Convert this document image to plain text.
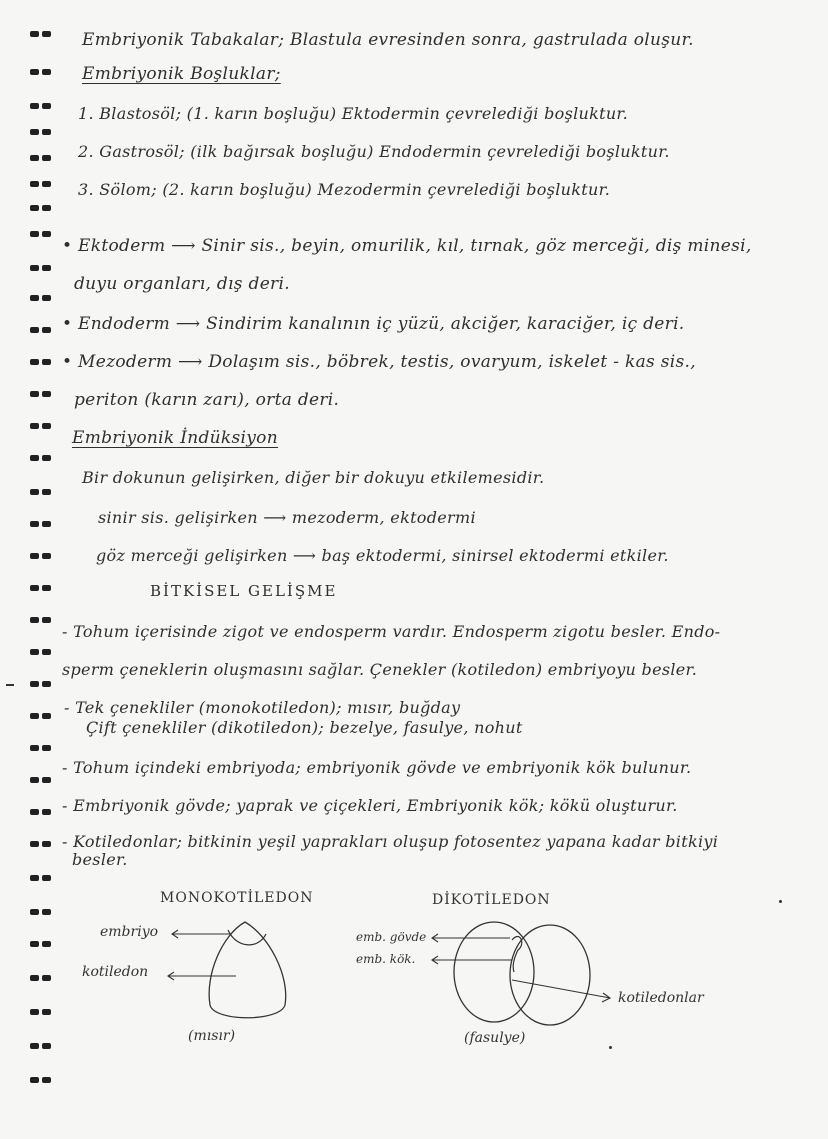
Embriyonik Tabakalar; Blastula evresinden sonra, gastrulada oluşur.
Embriyonik Boşluklar;
1. Blastosöl; (1. karın boşluğu) Ektodermin çevrelediği boşluktur.
2. Gastrosöl; (ilk bağırsak boşluğu) Endodermin çevrelediği boşluktur.
3. Sölom; (2. karın boşluğu) Mezodermin çevrelediği boşluktur.
• Ektoderm ⟶ Sinir sis., beyin, omurilik, kıl, tırnak, göz merceği, diş minesi,
duyu organları, dış deri.
• Endoderm ⟶ Sindirim kanalının iç yüzü, akciğer, karaciğer, iç deri.
• Mezoderm ⟶ Dolaşım sis., böbrek, testis, ovaryum, iskelet - kas sis.,
periton (karın zarı), orta deri.
Embriyonik İndüksiyon
Bir dokunun gelişirken, diğer bir dokuyu etkilemesidir.
sinir sis. gelişirken ⟶ mezoderm, ektodermi
göz merceği gelişirken ⟶ baş ektodermi, sinirsel ektodermi etkiler.
BİTKİSEL GELİŞME
- Tohum içerisinde zigot ve endosperm vardır. Endosperm zigotu besler. Endo-
sperm çeneklerin oluşmasını sağlar. Çenekler (kotiledon) embriyoyu besler.
- Tek çenekliler (monokotiledon); mısır, buğday
Çift çenekliler (dikotiledon); bezelye, fasulye, nohut
- Tohum içindeki embriyoda; embriyonik gövde ve embriyonik kök bulunur.
- Embriyonik gövde; yaprak ve çiçekleri, Embriyonik kök; kökü oluşturur.
- Kotiledonlar; bitkinin yeşil yaprakları oluşup fotosentez yapana kadar bitkiyi
besler.
MONOKOTİLEDON
embriyo
kotiledon
(mısır)
DİKOTİLEDON
emb. gövde
emb. kök.
kotiledonlar
(fasulye)
